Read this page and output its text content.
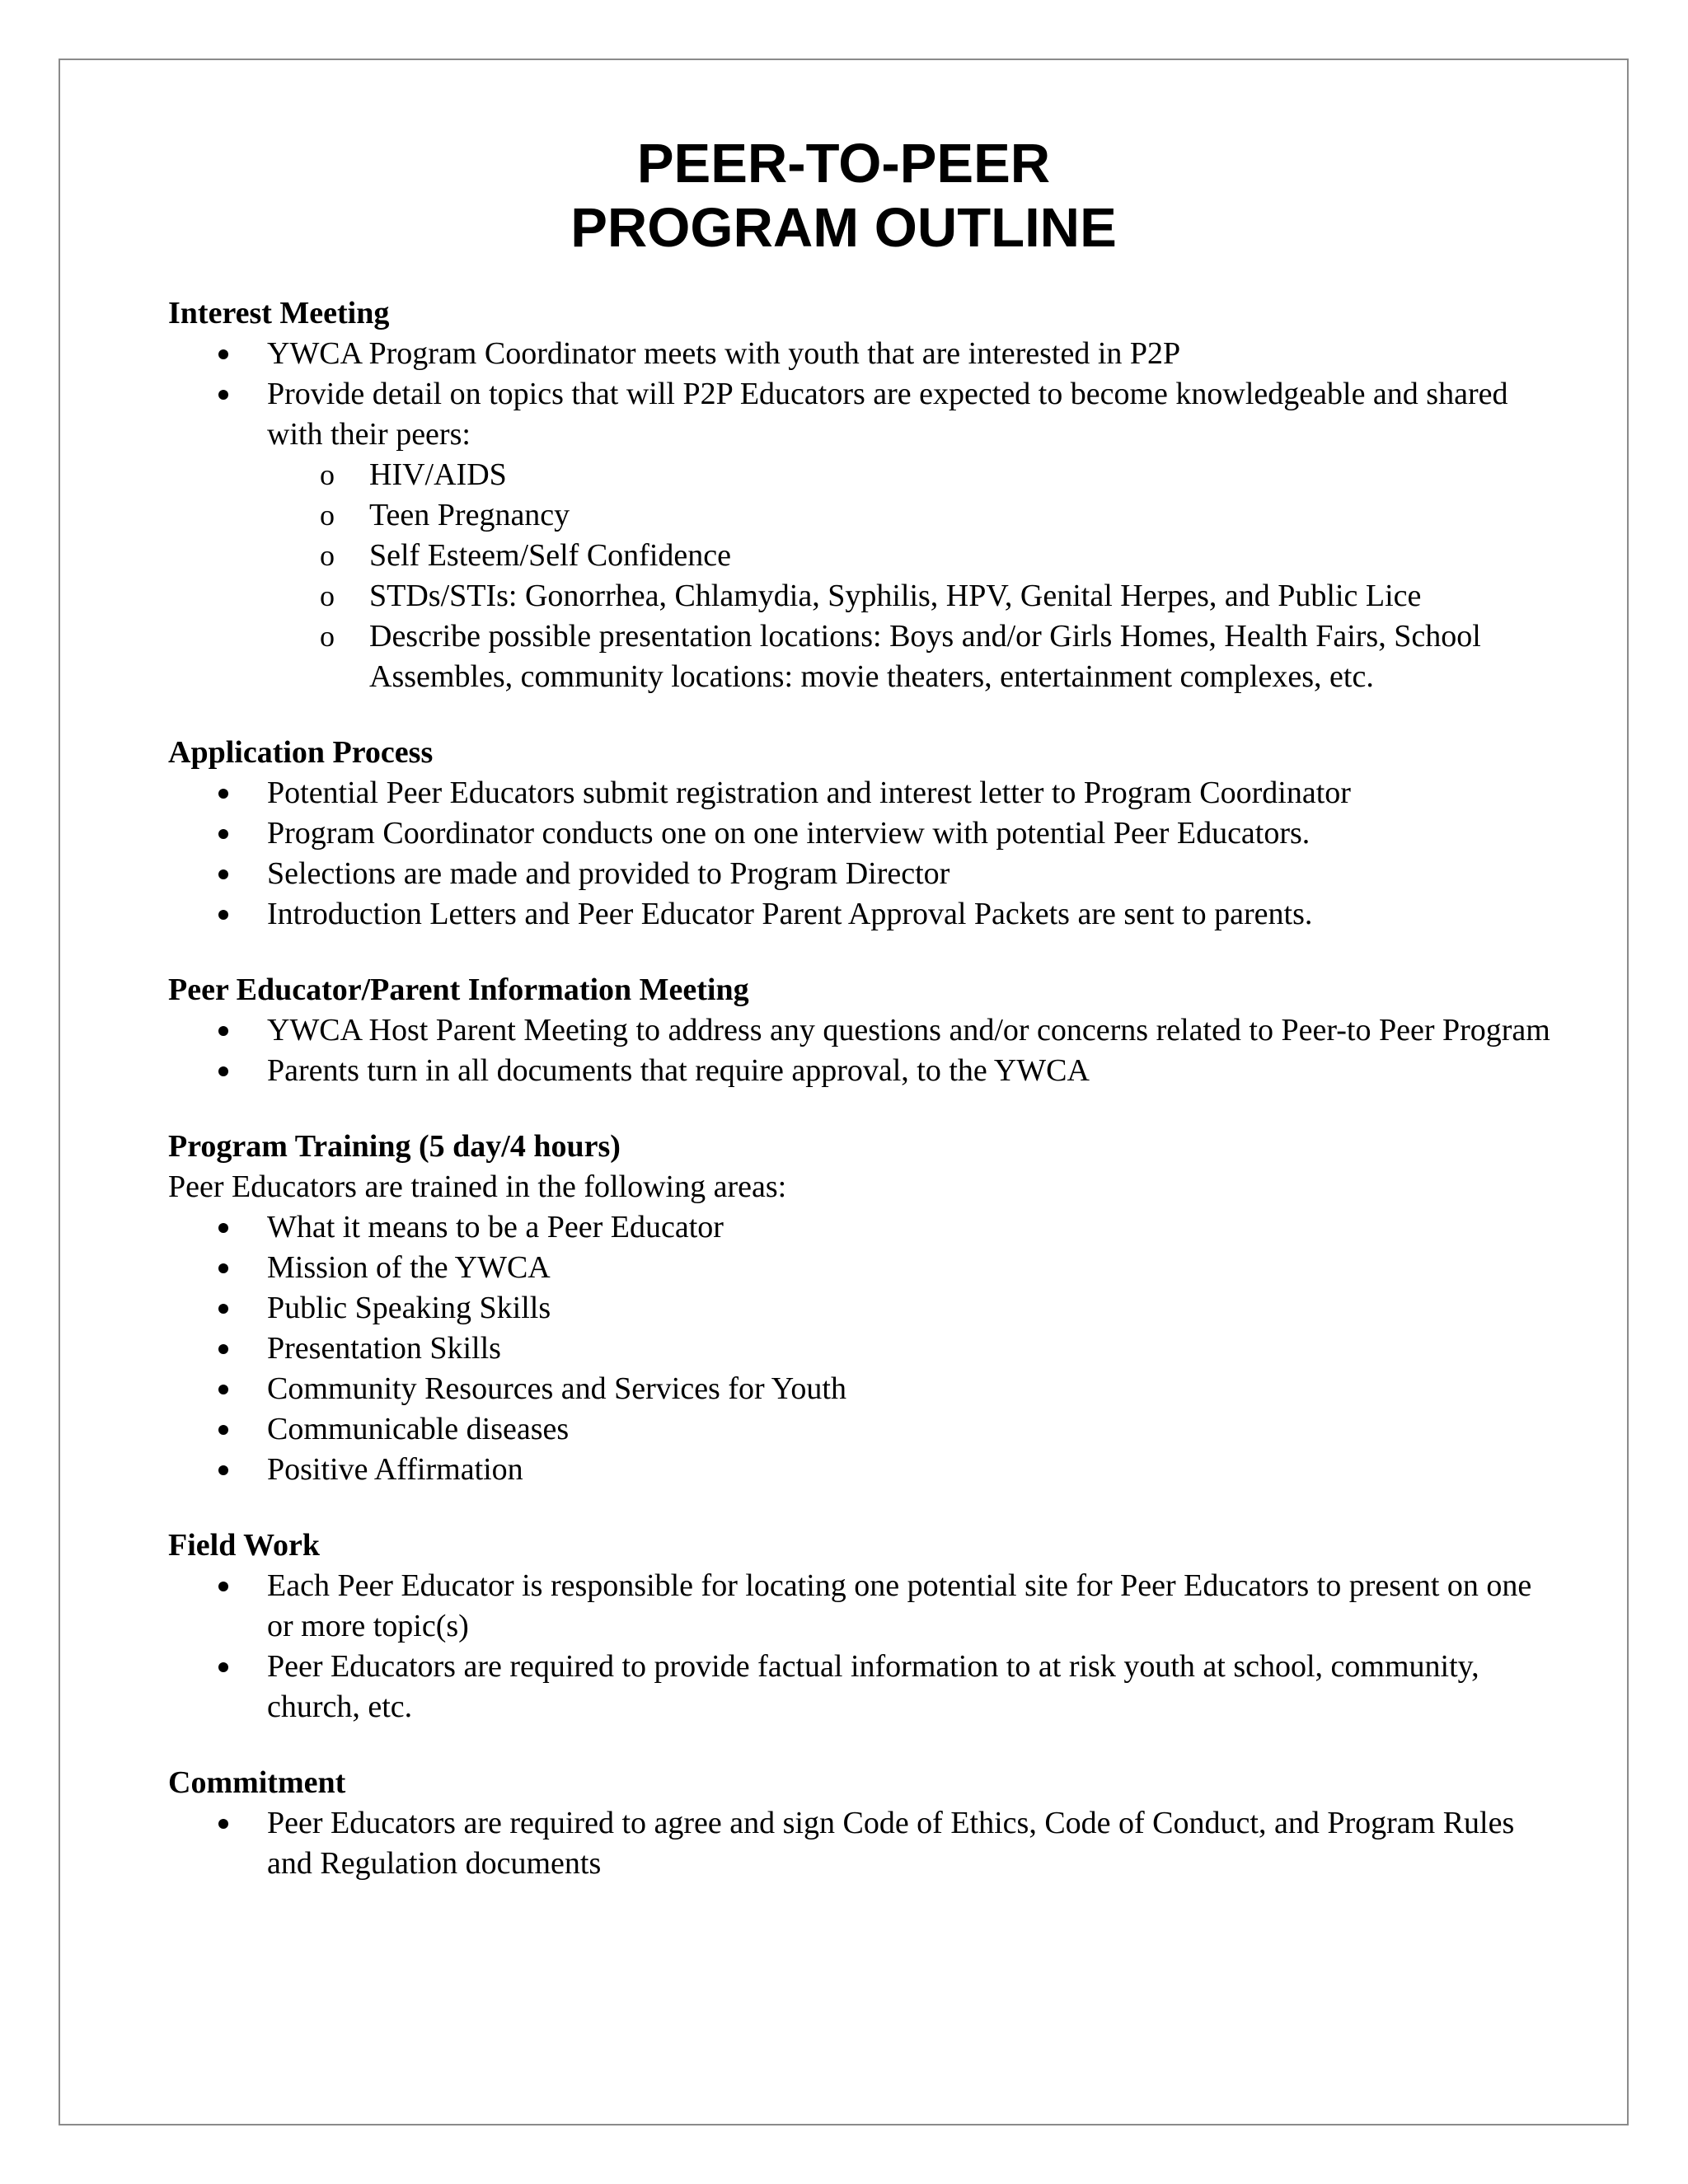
PEER-TO-PEER
PROGRAM OUTLINE

Interest Meeting

YWCA Program Coordinator meets with youth that are interested in P2P
Provide detail on topics that will P2P Educators are expected to become knowledgeable and shared with their peers:
o HIV/AIDS
o Teen Pregnancy
o Self Esteem/Self Confidence
o STDs/STIs: Gonorrhea, Chlamydia, Syphilis, HPV, Genital Herpes, and Public Lice
o Describe possible presentation locations: Boys and/or Girls Homes, Health Fairs, School Assembles, community locations: movie theaters, entertainment complexes, etc.

Application Process

Potential Peer Educators submit registration and interest letter to Program Coordinator
Program Coordinator conducts one on one interview with potential Peer Educators.
Selections are made and provided to Program Director
Introduction Letters and Peer Educator Parent Approval Packets are sent to parents.

Peer Educator/Parent Information Meeting

YWCA Host Parent Meeting to address any questions and/or concerns related to Peer-to Peer Program
Parents turn in all documents that require approval, to the YWCA

Program Training (5 day/4 hours)

Peer Educators are trained in the following areas:

What it means to be a Peer Educator
Mission of the YWCA
Public Speaking Skills
Presentation Skills
Community Resources and Services for Youth
Communicable diseases
Positive Affirmation

Field Work

Each Peer Educator is responsible for locating one potential site for Peer Educators to present on one or more topic(s)
Peer Educators are required to provide factual information to at risk youth at school, community, church, etc.

Commitment

Peer Educators are required to agree and sign Code of Ethics, Code of Conduct, and Program Rules and Regulation documents
